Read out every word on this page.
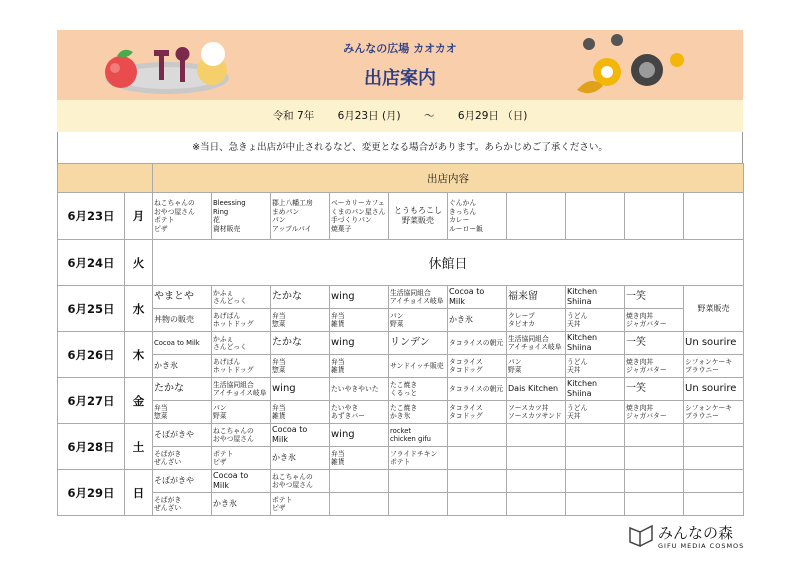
みんなの広場 カオカオ
出店案内
令和 7年 6月23日 (月) ～ 6月29日 （日)
※当日、急きょ出店が中止されるなど、変更となる場合があります。あらかじめご了承ください。
		出店内容									
6月23日	月	ねこちゃんの
おやつ屋さん
ポテト
ピザ	Bleessing
Ring
花
資材販売	郡上八幡工房
まめパン
パン
アップルパイ	ベーカリーカフェ
くまのパン屋さん
手づくりパン
焼菓子	とうもろこし
野菜販売	ぐんかん
きっちん
カレー
ルーロー飯				
6月24日	火	休館日									
6月25日	水	やまとや	かふぇ
さんどっく	たかな	wing	生活協同組合
アイチョイス岐阜	Cocoa to
Milk	福来留	Kitchen
Shiina	一笑	野菜販売
		丼物の販売	あげぱん
ホットドッグ	弁当
惣菜	弁当
雑貨	パン
野菜	かき氷	クレープ
タピオカ	うどん
天丼	焼き肉丼
ジャガバター	
6月26日	木	Cocoa to Milk	かふぇ
さんどっく	たかな	wing	リンデン	タコライスの朝元	生活協同組合
アイチョイス岐阜	Kitchen
Shiina	一笑	Un sourire
		かき氷	あげぱん
ホットドッグ	弁当
惣菜	弁当
雑貨	サンドイッチ販売	タコライス
タコドッグ	パン
野菜	うどん
天丼	焼き肉丼
ジャガバター	シフォンケーキ
ブラウニー
6月27日	金	たかな	生活協同組合
アイチョイス岐阜	wing	たいやきやいた	たこ焼き
くるっと	タコライスの朝元	Dais Kitchen	Kitchen
Shiina	一笑	Un sourire
		弁当
惣菜	パン
野菜	弁当
雑貨	たいやき
あずきバー	たこ焼き
かき氷	タコライス
タコドッグ	ソースカツ丼
ソースカツサンド	うどん
天丼	焼き肉丼
ジャガバター	シフォンケーキ
ブラウニー
6月28日	土	そばがきや	ねこちゃんの
おやつ屋さん	Cocoa to
Milk	wing	rocket
chicken gifu					
		そばがき
ぜんざい	ポテト
ピザ	かき氷	弁当
雑貨	フライドチキン
ポテト					
6月29日	日	そばがきや	Cocoa to
Milk	ねこちゃんの
おやつ屋さん							
		そばがき
ぜんざい	かき氷	ポテト
ピザ							
みんなの森
GIFU MEDIA COSMOS
